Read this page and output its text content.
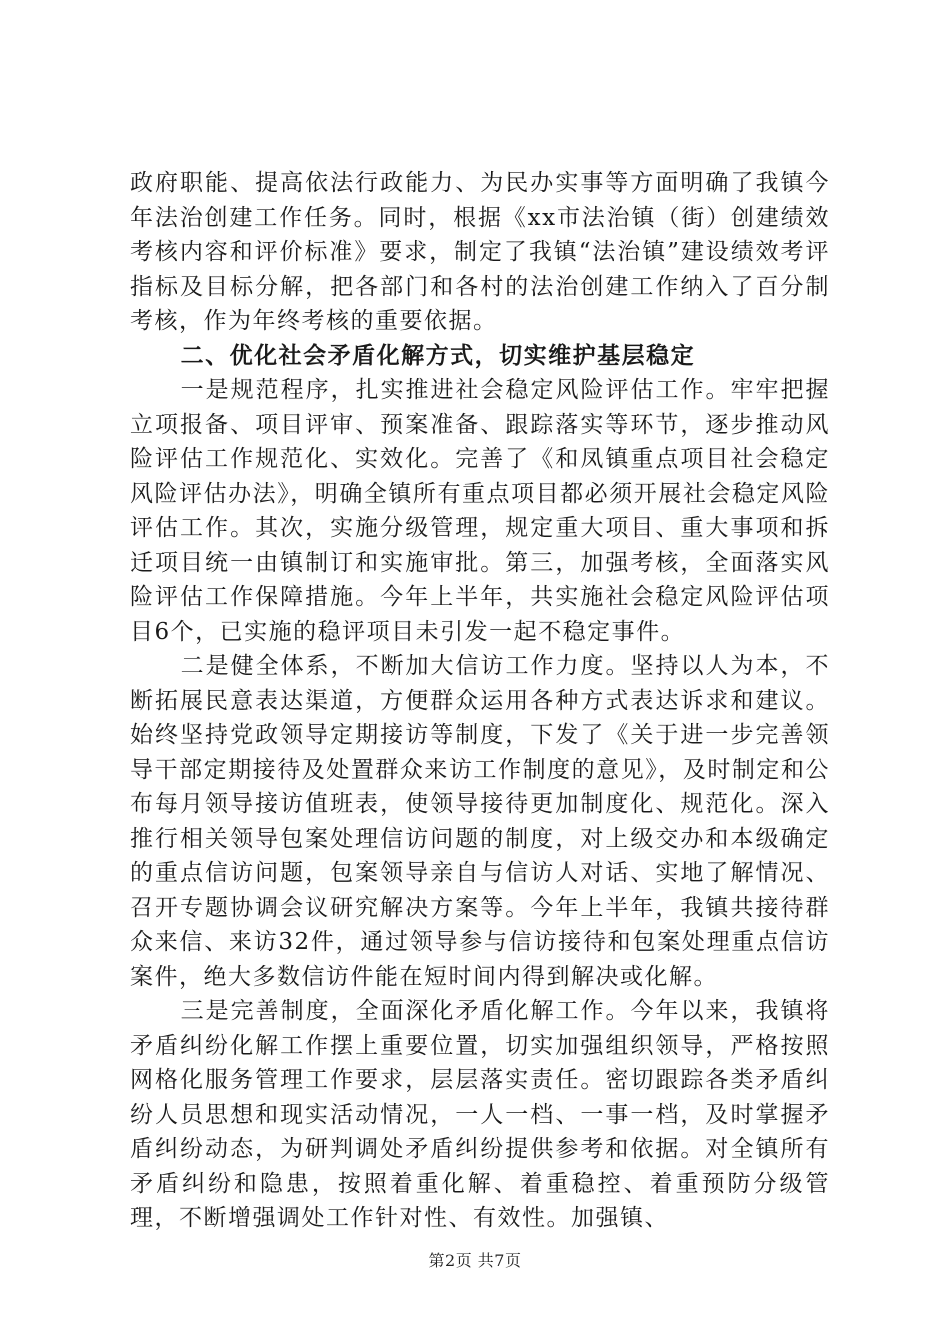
政府职能、提高依法行政能力、为民办实事等方面明确了我镇今年法治创建工作任务。同时，根据《xx市法治镇（街）创建绩效考核内容和评价标准》要求，制定了我镇“法治镇”建设绩效考评指标及目标分解，把各部门和各村的法治创建工作纳入了百分制考核，作为年终考核的重要依据。

二、优化社会矛盾化解方式，切实维护基层稳定

一是规范程序，扎实推进社会稳定风险评估工作。牢牢把握立项报备、项目评审、预案准备、跟踪落实等环节，逐步推动风险评估工作规范化、实效化。完善了《和凤镇重点项目社会稳定风险评估办法》，明确全镇所有重点项目都必须开展社会稳定风险评估工作。其次，实施分级管理，规定重大项目、重大事项和拆迁项目统一由镇制订和实施审批。第三，加强考核，全面落实风险评估工作保障措施。今年上半年，共实施社会稳定风险评估项目6个，已实施的稳评项目未引发一起不稳定事件。

二是健全体系，不断加大信访工作力度。坚持以人为本，不断拓展民意表达渠道，方便群众运用各种方式表达诉求和建议。始终坚持党政领导定期接访等制度，下发了《关于进一步完善领导干部定期接待及处置群众来访工作制度的意见》，及时制定和公布每月领导接访值班表，使领导接待更加制度化、规范化。深入推行相关领导包案处理信访问题的制度，对上级交办和本级确定的重点信访问题，包案领导亲自与信访人对话、实地了解情况、召开专题协调会议研究解决方案等。今年上半年，我镇共接待群众来信、来访32件，通过领导参与信访接待和包案处理重点信访案件，绝大多数信访件能在短时间内得到解决或化解。

三是完善制度，全面深化矛盾化解工作。今年以来，我镇将矛盾纠纷化解工作摆上重要位置，切实加强组织领导，严格按照网格化服务管理工作要求，层层落实责任。密切跟踪各类矛盾纠纷人员思想和现实活动情况，一人一档、一事一档，及时掌握矛盾纠纷动态，为研判调处矛盾纠纷提供参考和依据。对全镇所有矛盾纠纷和隐患，按照着重化解、着重稳控、着重预防分级管理，不断增强调处工作针对性、有效性。加强镇、

第2页 共7页
